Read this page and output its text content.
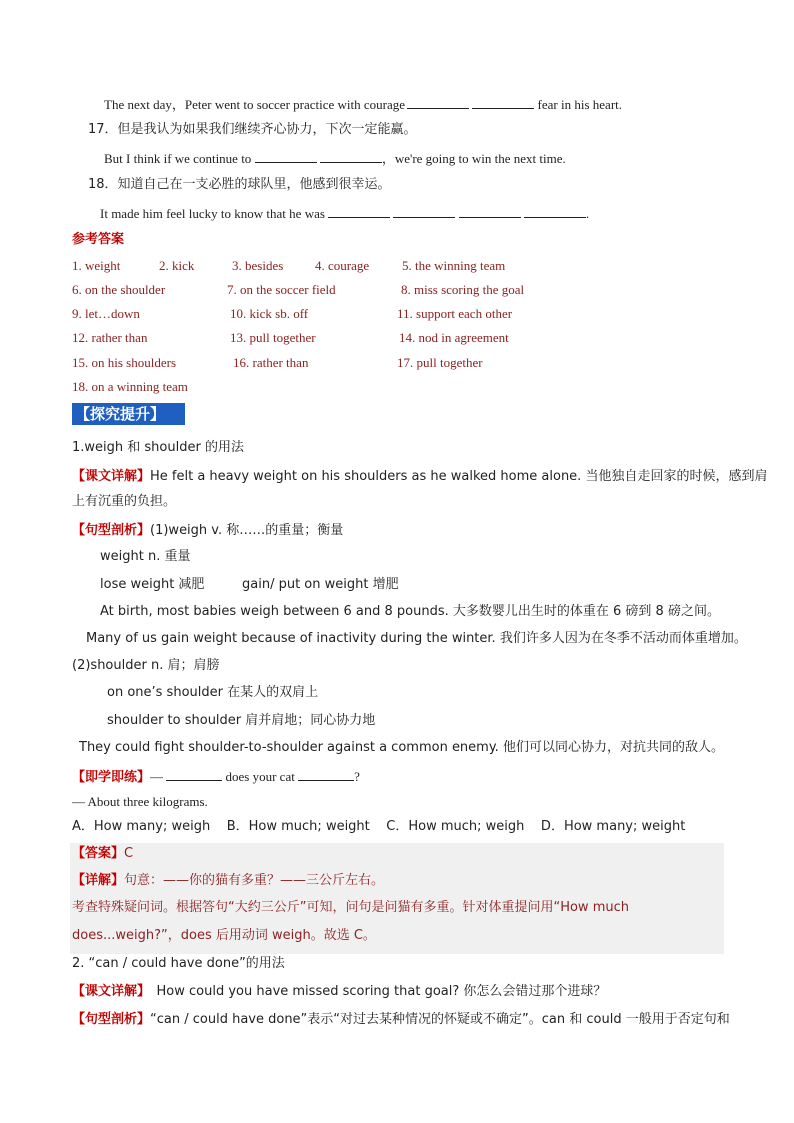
The next day，Peter went to soccer practice with courage	fear in his heart.
17．但是我认为如果我们继续齐心协力，下次一定能赢。
But I think if we continue to	，we're going to win the next time.
18．知道自己在一支必胜的球队里，他感到很幸运。
It made him feel lucky to know that he was	.
参考答案
1. weight	2. kick	3. besides 4. courage	5. the winning team
6. on the shoulder	7. on the soccer field	8. miss scoring the goal
9. let…down	10. kick sb. off	11. support each other
12. rather than	13. pull together	14. nod in agreement
15. on his shoulders	16. rather than	17. pull together
18. on a winning team
【探究提升】
1.weigh 和 shoulder 的用法
【课文详解】He felt a heavy weight on his shoulders as he walked home alone. 当他独自走回家的时候，感到肩
上有沉重的负担。
【句型剖析】(1)weigh v. 称……的重量；衡量
weight n. 重量
lose weight 减肥	gain/ put on weight 增肥
At birth, most babies weigh between 6 and 8 pounds. 大多数婴儿出生时的体重在 6 磅到 8 磅之间。
Many of us gain weight because of inactivity during the winter. 我们许多人因为在冬季不活动而体重增加。
(2)shoulder n. 肩；肩膀
on one’s shoulder 在某人的双肩上
shoulder to shoulder 肩并肩地；同心协力地
They could fight shoulder-to-shoulder against a common enemy. 他们可以同心协力，对抗共同的敌人。
【即学即练】—	does your cat	?
— About three kilograms.
A．How many; weigh    B．How much; weight    C．How much; weigh    D．How many; weight
【答案】C
【详解】句意：——你的猫有多重？——三公斤左右。
考查特殊疑问词。根据答句“大约三公斤”可知，问句是问猫有多重。针对体重提问用“How much
does...weigh?”，does 后用动词 weigh。故选 C。
2. “can / could have done”的用法
【课文详解】 How could you have missed scoring that goal? 你怎么会错过那个进球？
【句型剖析】“can / could have done”表示“对过去某种情况的怀疑或不确定”。can 和 could 一般用于否定句和
